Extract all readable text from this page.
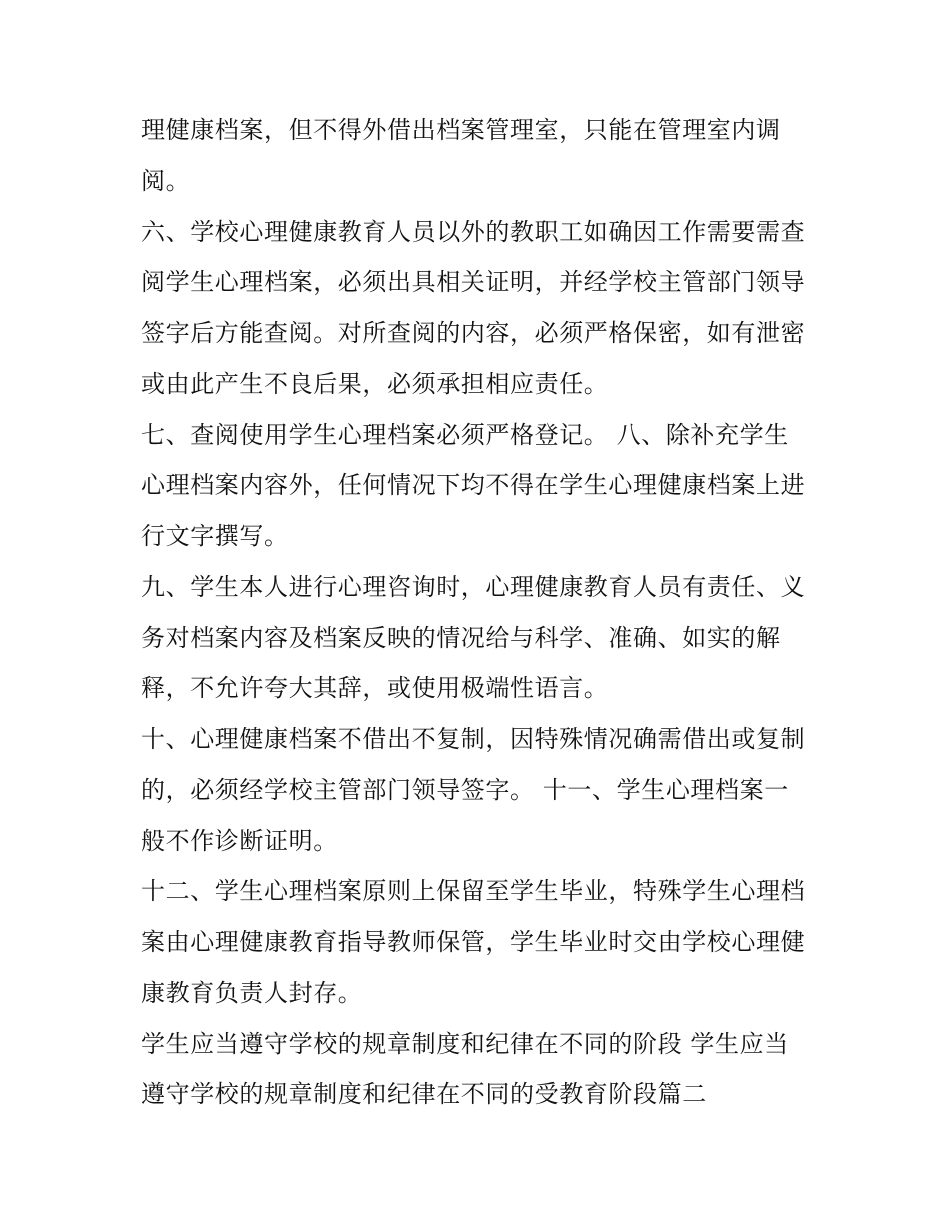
理健康档案，但不得外借出档案管理室，只能在管理室内调
阅。
六、学校心理健康教育人员以外的教职工如确因工作需要需查
阅学生心理档案，必须出具相关证明，并经学校主管部门领导
签字后方能查阅。对所查阅的内容，必须严格保密，如有泄密
或由此产生不良后果，必须承担相应责任。
七、查阅使用学生心理档案必须严格登记。 八、除补充学生
心理档案内容外，任何情况下均不得在学生心理健康档案上进
行文字撰写。
九、学生本人进行心理咨询时，心理健康教育人员有责任、义
务对档案内容及档案反映的情况给与科学、准确、如实的解
释，不允许夸大其辞，或使用极端性语言。
十、心理健康档案不借出不复制，因特殊情况确需借出或复制
的，必须经学校主管部门领导签字。 十一、学生心理档案一
般不作诊断证明。
十二、学生心理档案原则上保留至学生毕业，特殊学生心理档
案由心理健康教育指导教师保管，学生毕业时交由学校心理健
康教育负责人封存。
学生应当遵守学校的规章制度和纪律在不同的阶段 学生应当
遵守学校的规章制度和纪律在不同的受教育阶段篇二
